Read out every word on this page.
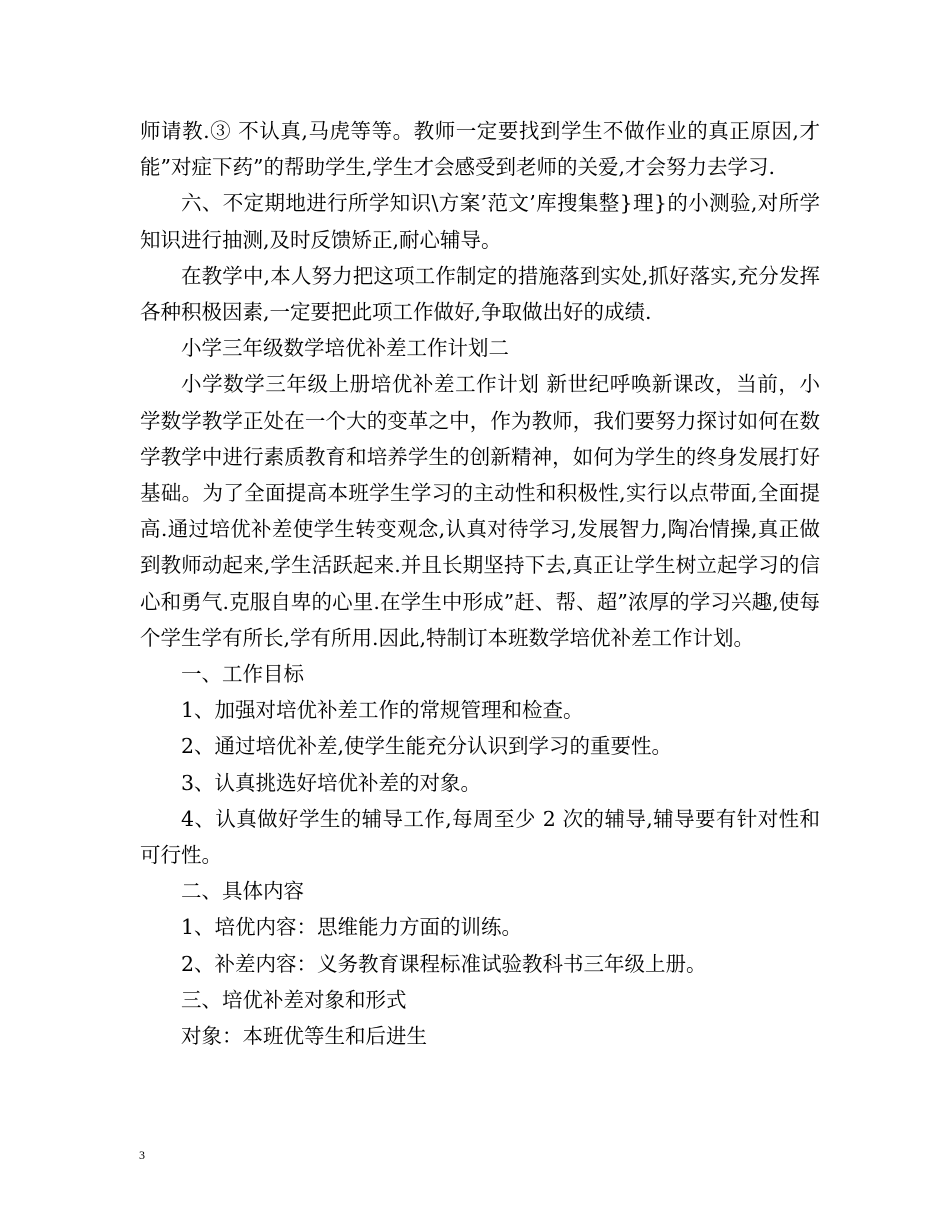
师请教.③ 不认真,马虎等等。教师一定要找到学生不做作业的真正原因,才能”对症下药”的帮助学生,学生才会感受到老师的关爱,才会努力去学习.

六、不定期地进行所学知识\方案’范文’库搜集整}理}的小测验,对所学知识进行抽测,及时反馈矫正,耐心辅导。

在教学中,本人努力把这项工作制定的措施落到实处,抓好落实,充分发挥各种积极因素,一定要把此项工作做好,争取做出好的成绩.

小学三年级数学培优补差工作计划二

小学数学三年级上册培优补差工作计划 新世纪呼唤新课改，当前，小学数学教学正处在一个大的变革之中，作为教师，我们要努力探讨如何在数学教学中进行素质教育和培养学生的创新精神，如何为学生的终身发展打好基础。为了全面提高本班学生学习的主动性和积极性,实行以点带面,全面提高.通过培优补差使学生转变观念,认真对待学习,发展智力,陶冶情操,真正做到教师动起来,学生活跃起来.并且长期坚持下去,真正让学生树立起学习的信心和勇气.克服自卑的心里.在学生中形成”赶、帮、超”浓厚的学习兴趣,使每个学生学有所长,学有所用.因此,特制订本班数学培优补差工作计划。

一、工作目标

1、加强对培优补差工作的常规管理和检查。

2、通过培优补差,使学生能充分认识到学习的重要性。

3、认真挑选好培优补差的对象。

4、认真做好学生的辅导工作,每周至少 2 次的辅导,辅导要有针对性和可行性。

二、具体内容

1、培优内容：思维能力方面的训练。

2、补差内容：义务教育课程标准试验教科书三年级上册。

三、培优补差对象和形式

对象：本班优等生和后进生

3
